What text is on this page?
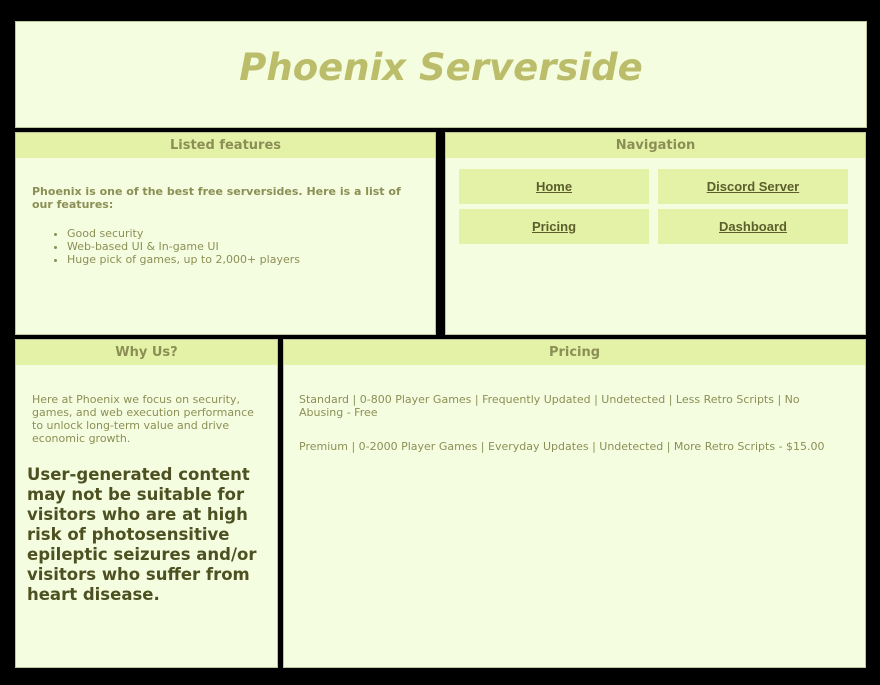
Phoenix Serverside
Listed features
Phoenix is one of the best free serversides. Here is a list of our features:
• Good security
• Web-based UI & In-game UI
• Huge pick of games, up to 2,000+ players
Navigation
Home	Discord Server
Pricing	Dashboard
Why Us?
Here at Phoenix we focus on security, games, and web execution performance to unlock long-term value and drive economic growth.
User-generated content may not be suitable for visitors who are at high risk of photosensitive epileptic seizures and/or visitors who suffer from heart disease.
Pricing
Standard | 0-800 Player Games | Frequently Updated | Undetected | Less Retro Scripts | No Abusing - Free
Premium | 0-2000 Player Games | Everyday Updates | Undetected | More Retro Scripts - $15.00
